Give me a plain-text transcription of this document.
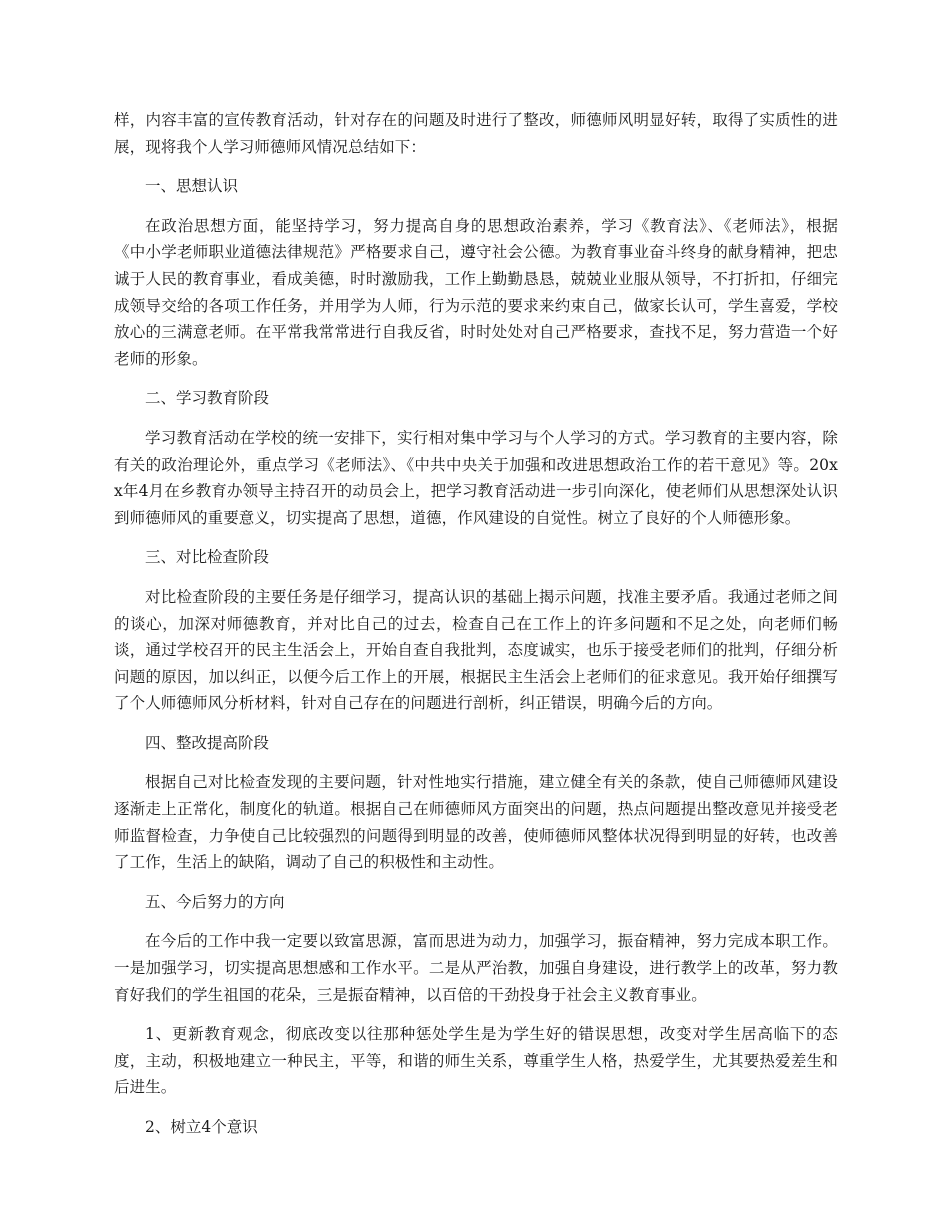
样，内容丰富的宣传教育活动，针对存在的问题及时进行了整改，师德师风明显好转，取得了实质性的进展，现将我个人学习师德师风情况总结如下：

一、思想认识

在政治思想方面，能坚持学习，努力提高自身的思想政治素养，学习《教育法》、《老师法》，根据《中小学老师职业道德法律规范》严格要求自己，遵守社会公德。为教育事业奋斗终身的献身精神，把忠诚于人民的教育事业，看成美德，时时激励我，工作上勤勤恳恳，兢兢业业服从领导，不打折扣，仔细完成领导交给的各项工作任务，并用学为人师，行为示范的要求来约束自己，做家长认可，学生喜爱，学校放心的三满意老师。在平常我常常进行自我反省，时时处处对自己严格要求，查找不足，努力营造一个好老师的形象。

二、学习教育阶段

学习教育活动在学校的统一安排下，实行相对集中学习与个人学习的方式。学习教育的主要内容，除有关的政治理论外，重点学习《老师法》、《中共中央关于加强和改进思想政治工作的若干意见》等。20xx年4月在乡教育办领导主持召开的动员会上，把学习教育活动进一步引向深化，使老师们从思想深处认识到师德师风的重要意义，切实提高了思想，道德，作风建设的自觉性。树立了良好的个人师德形象。

三、对比检查阶段

对比检查阶段的主要任务是仔细学习，提高认识的基础上揭示问题，找准主要矛盾。我通过老师之间的谈心，加深对师德教育，并对比自己的过去，检查自己在工作上的许多问题和不足之处，向老师们畅谈，通过学校召开的民主生活会上，开始自查自我批判，态度诚实，也乐于接受老师们的批判，仔细分析问题的原因，加以纠正，以便今后工作上的开展，根据民主生活会上老师们的征求意见。我开始仔细撰写了个人师德师风分析材料，针对自己存在的问题进行剖析，纠正错误，明确今后的方向。

四、整改提高阶段

根据自己对比检查发现的主要问题，针对性地实行措施，建立健全有关的条款，使自己师德师风建设逐渐走上正常化，制度化的轨道。根据自己在师德师风方面突出的问题，热点问题提出整改意见并接受老师监督检查，力争使自己比较强烈的问题得到明显的改善，使师德师风整体状况得到明显的好转，也改善了工作，生活上的缺陷，调动了自己的积极性和主动性。

五、今后努力的方向

在今后的工作中我一定要以致富思源，富而思进为动力，加强学习，振奋精神，努力完成本职工作。一是加强学习，切实提高思想感和工作水平。二是从严治教，加强自身建设，进行教学上的改革，努力教育好我们的学生祖国的花朵，三是振奋精神，以百倍的干劲投身于社会主义教育事业。

1、更新教育观念，彻底改变以往那种惩处学生是为学生好的错误思想，改变对学生居高临下的态度，主动，积极地建立一种民主，平等，和谐的师生关系，尊重学生人格，热爱学生，尤其要热爱差生和后进生。

2、树立4个意识
